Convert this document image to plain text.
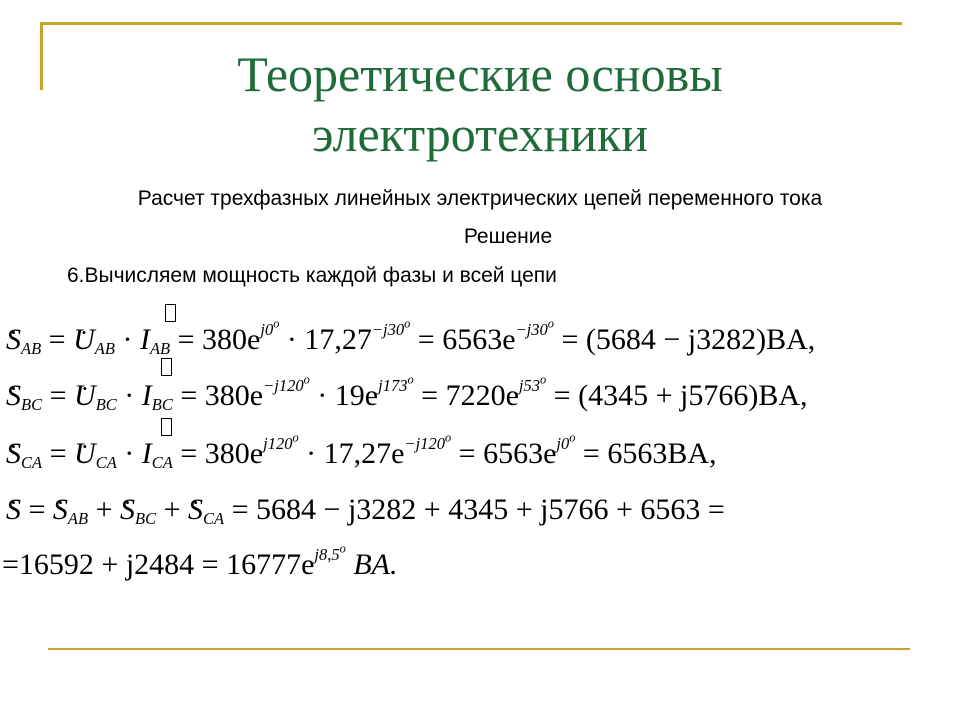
Теоретические основы
электротехники
Расчет трехфазных линейных электрических цепей переменного тока
Решение
6.Вычисляем мощность каждой фазы и всей цепи
• $S_{AB}$ = • $U_{AB} \cdot I_{AB} = 380e^{j0^o} \cdot 17,27^{-j30^o} = 6563e^{-j30^o} = (5684 - j3282)BA$,
• $S_{BC}$ = • $U_{BC} \cdot I_{BC} = 380e^{-j120^o} \cdot 19e^{j173^o} = 7220e^{j53^o} = (4345 + j5766)BA$,
• $S_{CA}$ = • $U_{CA} \cdot I_{CA} = 380e^{j120^o} \cdot 17,27e^{-j120^o} = 6563e^{j0^o} = 6563BA$,
• S = • $S_{AB}$ + • $S_{BC}$ + • $S_{CA} = 5684 - j3282 + 4345 + j5766 + 6563$ =
$=16592 + j2484 = 16777e^{j8,5^o}$ BA.
